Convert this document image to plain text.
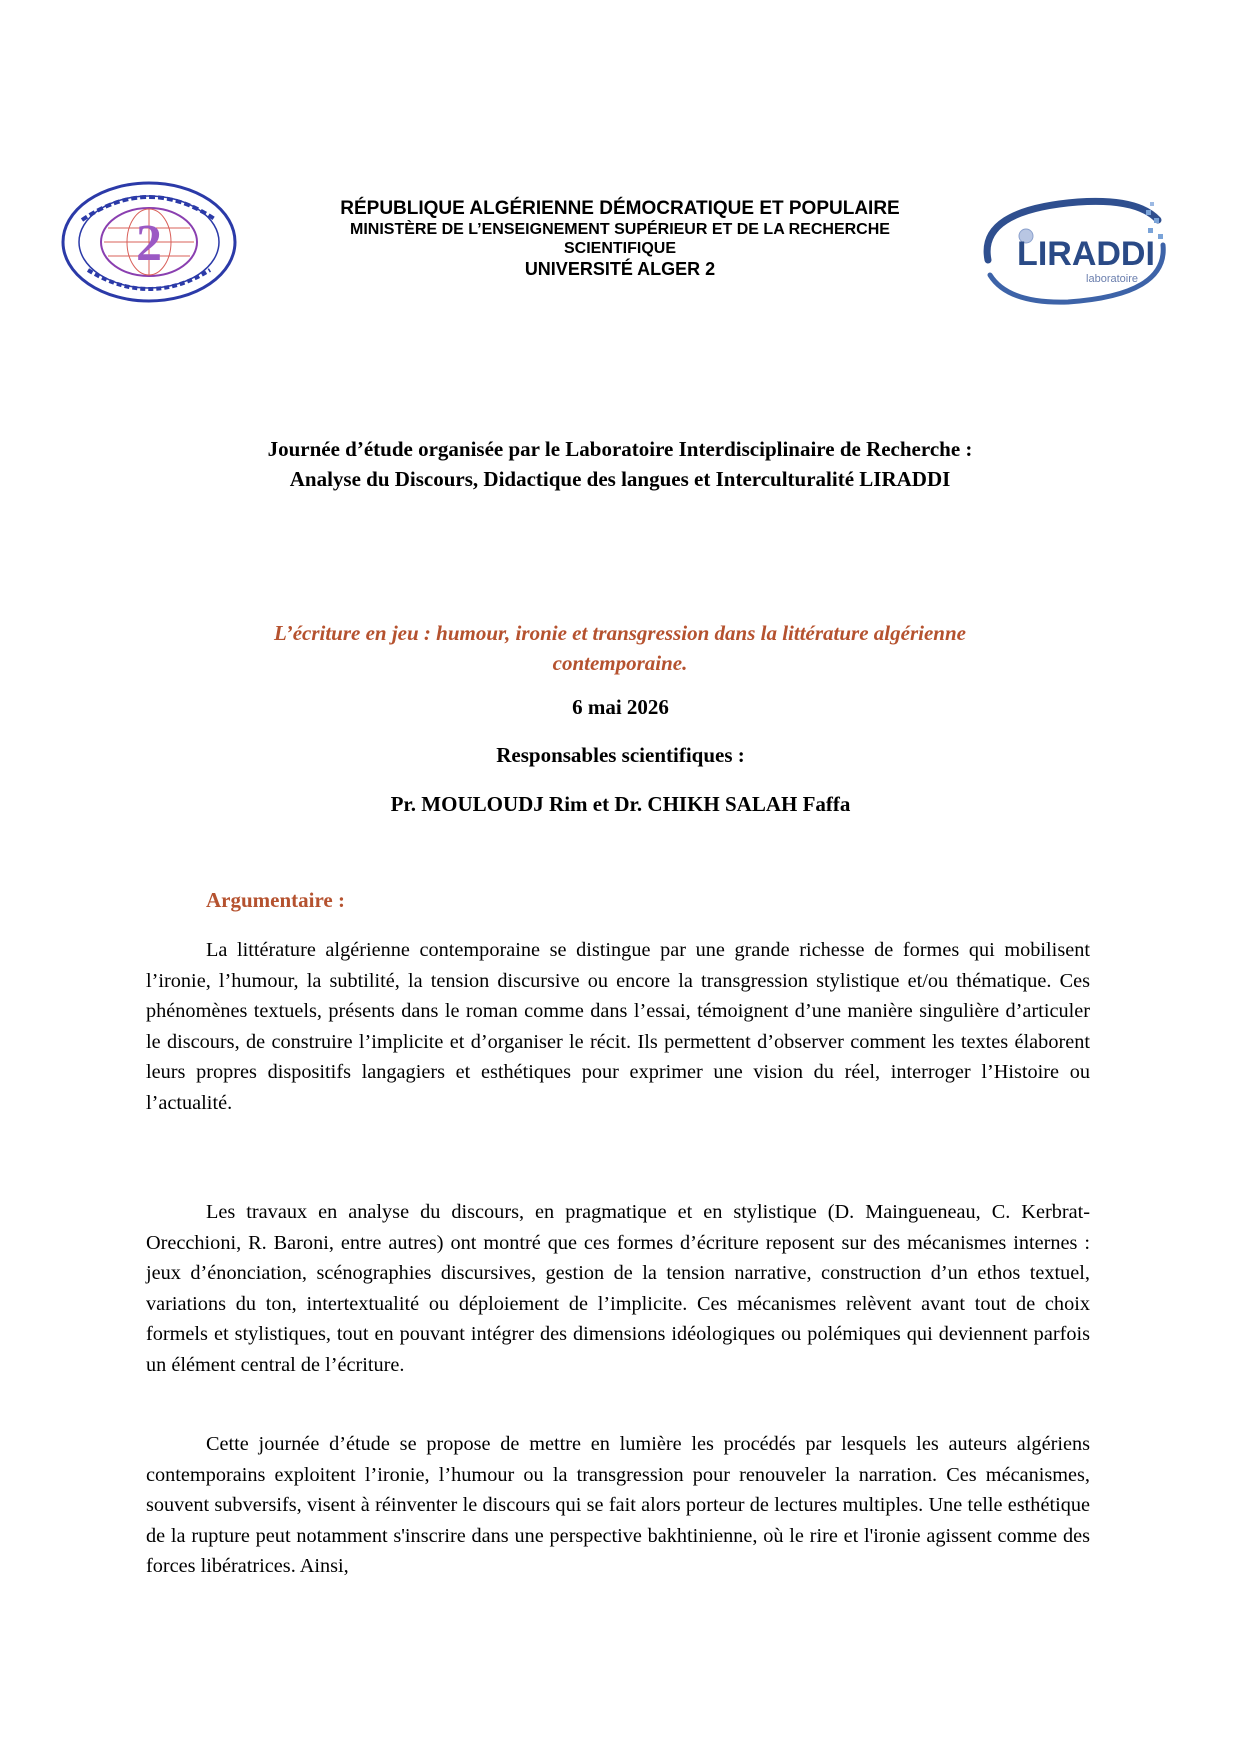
2
RÉPUBLIQUE ALGÉRIENNE DÉMOCRATIQUE ET POPULAIRE
MINISTÈRE DE L’ENSEIGNEMENT SUPÉRIEUR ET DE LA RECHERCHE
SCIENTIFIQUE
UNIVERSITÉ ALGER 2	LIRADDI
laboratoire
Journée d’étude organisée par le Laboratoire Interdisciplinaire de Recherche :
Analyse du Discours, Didactique des langues et Interculturalité LIRADDI
L’écriture en jeu : humour, ironie et transgression dans la littérature algérienne
contemporaine.
6 mai 2026
Responsables scientifiques :
Pr. MOULOUDJ Rim et Dr. CHIKH SALAH Faffa
Argumentaire :

La littérature algérienne contemporaine se distingue par une grande richesse de formes qui mobilisent l’ironie, l’humour, la subtilité, la tension discursive ou encore la transgression stylistique et/ou thématique. Ces phénomènes textuels, présents dans le roman comme dans l’essai, témoignent d’une manière singulière d’articuler le discours, de construire l’implicite et d’organiser le récit. Ils permettent d’observer comment les textes élaborent leurs propres dispositifs langagiers et esthétiques pour exprimer une vision du réel, interroger l’Histoire ou l’actualité.

Les travaux en analyse du discours, en pragmatique et en stylistique (D. Maingueneau, C. Kerbrat-Orecchioni, R. Baroni, entre autres) ont montré que ces formes d’écriture reposent sur des mécanismes internes : jeux d’énonciation, scénographies discursives, gestion de la tension narrative, construction d’un ethos textuel, variations du ton, intertextualité ou déploiement de l’implicite. Ces mécanismes relèvent avant tout de choix formels et stylistiques, tout en pouvant intégrer des dimensions idéologiques ou polémiques qui deviennent parfois un élément central de l’écriture.

Cette journée d’étude se propose de mettre en lumière les procédés par lesquels les auteurs algériens contemporains exploitent l’ironie, l’humour ou la transgression pour renouveler la narration. Ces mécanismes, souvent subversifs, visent à réinventer le discours qui se fait alors porteur de lectures multiples. Une telle esthétique de la rupture peut notamment s'inscrire dans une perspective bakhtinienne, où le rire et l'ironie agissent comme des forces libératrices. Ainsi,
